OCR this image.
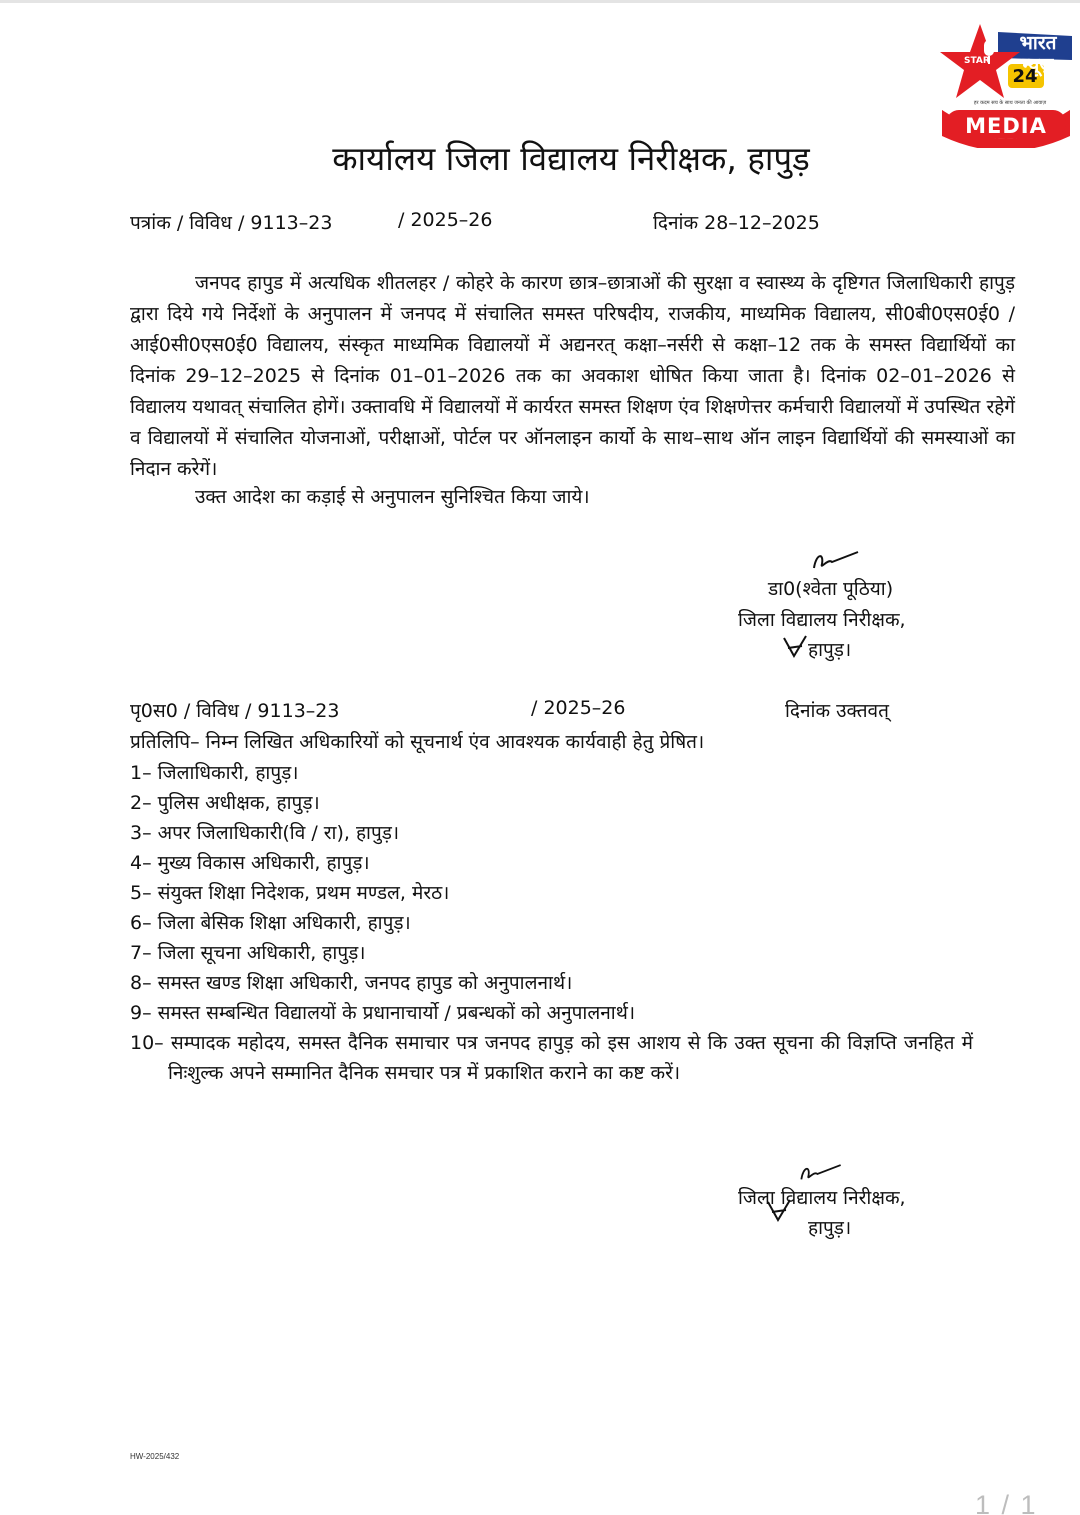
भारत न्यूज़
24
STAR
हर कदम सच के साथ जनता की आवाज़
MEDIA
कार्यालय जिला विद्यालय निरीक्षक, हापुड़
पत्रांक / विविध / 9113–23	/ 2025–26	दिनांक 28–12–2025

जनपद हापुड में अत्यधिक शीतलहर / कोहरे के कारण छात्र–छात्राओं की सुरक्षा व स्वास्थ्य के दृष्टिगत जिलाधिकारी हापुड़ द्वारा दिये गये निर्देशों के अनुपालन में जनपद में संचालित समस्त परिषदीय, राजकीय, माध्यमिक विद्यालय, सी0बी0एस0ई0 / आई0सी0एस0ई0 विद्यालय, संस्कृत माध्यमिक विद्यालयों में अद्यनरत् कक्षा–नर्सरी से कक्षा–12 तक के समस्त विद्यार्थियों का दिनांक 29–12–2025 से दिनांक 01–01–2026 तक का अवकाश धोषित किया जाता है। दिनांक 02–01–2026 से विद्यालय यथावत् संचालित होगें। उक्तावधि में विद्यालयों में कार्यरत समस्त शिक्षण एंव शिक्षणेत्तर कर्मचारी विद्यालयों में उपस्थित रहेगें व विद्यालयों में संचालित योजनाओं, परीक्षाओं, पोर्टल पर ऑनलाइन कार्यो के साथ–साथ ऑन लाइन विद्यार्थियों की समस्याओं का निदान करेगें।

उक्त आदेश का कड़ाई से अनुपालन सुनिश्चित किया जाये।
डा0(श्वेता पूठिया)
जिला विद्यालय निरीक्षक,
हापुड़।
पृ0स0 / विविध / 9113–23	/ 2025–26	दिनांक उक्तवत्
प्रतिलिपि– निम्न लिखित अधिकारियों को सूचनार्थ एंव आवश्यक कार्यवाही हेतु प्रेषित।
1– जिलाधिकारी, हापुड़।
2– पुलिस अधीक्षक, हापुड़।
3– अपर जिलाधिकारी(वि / रा), हापुड़।
4– मुख्य विकास अधिकारी, हापुड़।
5– संयुक्त शिक्षा निदेशक, प्रथम मण्डल, मेरठ।
6– जिला बेसिक शिक्षा अधिकारी, हापुड़।
7– जिला सूचना अधिकारी, हापुड़।
8– समस्त खण्ड शिक्षा अधिकारी, जनपद हापुड को अनुपालनार्थ।
9– समस्त सम्बन्धित विद्यालयों के प्रधानाचार्यो / प्रबन्धकों को अनुपालनार्थ।
10– सम्पादक महोदय, समस्त दैनिक समाचार पत्र जनपद हापुड़ को इस आशय से कि उक्त सूचना की विज्ञप्ति जनहित में निःशुल्क अपने सम्मानित दैनिक समचार पत्र में प्रकाशित कराने का कष्ट करें।
जिला विद्यालय निरीक्षक,
हापुड़।
HW-2025/432
1 / 1
